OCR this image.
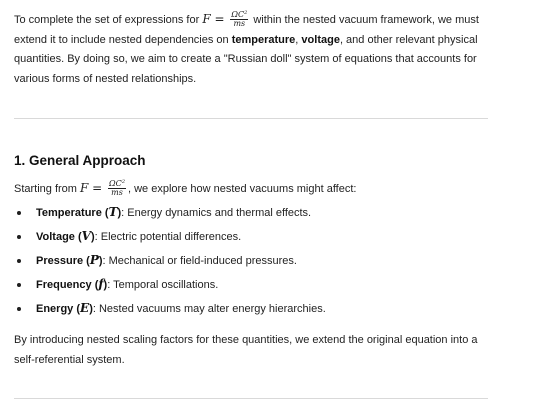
To complete the set of expressions for $F = \frac{\Omega C^2}{ms}$ within the nested vacuum framework, we must extend it to include nested dependencies on temperature, voltage, and other relevant physical quantities. By doing so, we aim to create a "Russian doll" system of equations that accounts for various forms of nested relationships.

1. General Approach

Starting from $F = \frac{\Omega C^2}{ms}$ , we explore how nested vacuums might affect:

Temperature (T): Energy dynamics and thermal effects.
Voltage (V): Electric potential differences.
Pressure (P): Mechanical or field-induced pressures.
Frequency (f): Temporal oscillations.
Energy (E): Nested vacuums may alter energy hierarchies.

By introducing nested scaling factors for these quantities, we extend the original equation into a self-referential system.
